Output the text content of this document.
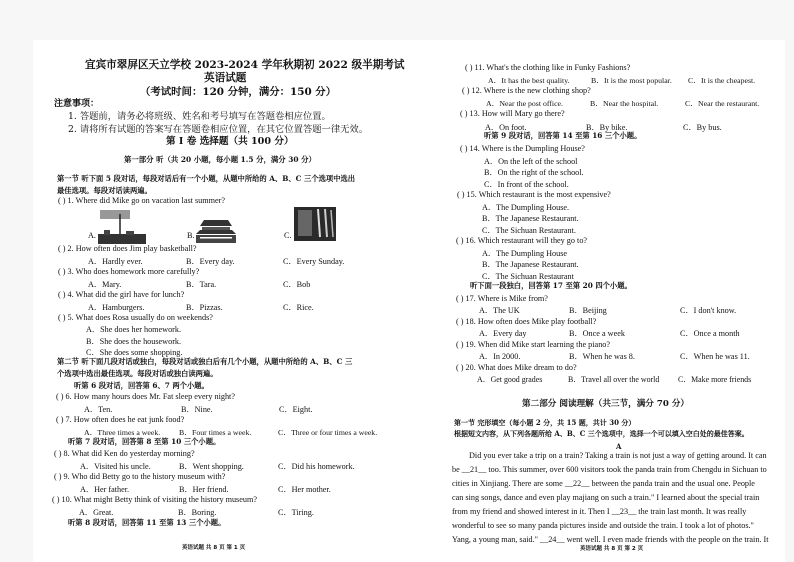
宜宾市翠屏区天立学校 2023-2024 学年秋期初 2022 级半期考试
英语试题
（考试时间：120 分钟，满分：150 分）
注意事项：
1. 答题前，请务必将班级、姓名和考号填写在答题卷相应位置。
2. 请将所有试题的答案写在答题卷相应位置，在其它位置答题一律无效。
第 I 卷 选择题（共 100 分）
第一部分 听（共 20 小题，每小题 1.5 分，满分 30 分）
第一节 听下面 5 段对话，每段对话后有一个小题，从题中所给的 A、B、C 三个选项中选出
最佳选项。每段对话读两遍。
( ) 1. Where did Mike go on vacation last summer?
A.	B.	C.
( ) 2. How often does Jim play basketball?
A．Hardly ever.	B．Every day.	C．Every Sunday.
( ) 3. Who does homework more carefully?
A．Mary.	B．Tara.	C．Bob
( ) 4. What did the girl have for lunch?
A．Hamburgers.	B．Pizzas.	C．Rice.
( ) 5. What does Rosa usually do on weekends?
A．She does her homework.
B．She does the housework.
C．She does some shopping.
第二节 听下面几段对话或独白，每段对话或独白后有几个小题，从题中所给的 A、B、C 三
个选项中选出最佳选项。每段对话或独白读两遍。
听第 6 段对话，回答第 6、7 两个小题。
( ) 6. How many hours does Mr. Fat sleep every night?
A．Ten.	B．Nine.	C．Eight.
( ) 7. How often does he eat junk food?
A．Three times a week. B．Four times a week.	C．Three or four times a week.
听第 7 段对话，回答第 8 至第 10 三个小题。
( ) 8. What did Ken do yesterday morning?
A．Visited his uncle.	B．Went shopping.	C．Did his homework.
( ) 9. Who did Betty go to the history museum with?
A．Her father.	B．Her friend.	C．Her mother.
( ) 10. What might Betty think of visiting the history museum?
A．Great.	B．Boring.	C．Tiring.
听第 8 段对话，回答第 11 至第 13 三个小题。
英语试题 共 8 页 第 1 页
( ) 11. What's the clothing like in Funky Fashions?
A．It has the best quality.	B．It is the most popular. C．It is the cheapest.
( ) 12. Where is the new clothing shop?
A．Near the post office.	B．Near the hospital.	C．Near the restaurant.
( ) 13. How will Mary go there?
A．On foot.	B．By bike.	C．By bus.
听第 9 段对话，回答第 14 至第 16 三个小题。
( ) 14. Where is the Dumpling House?
A．On the left of the school
B．On the right of the school.
C．In front of the school.
( ) 15. Which restaurant is the most expensive?
A．The Dumpling House.
B．The Japanese Restaurant.
C．The Sichuan Restaurant.
( ) 16. Which restaurant will they go to?
A．The Dumpling House
B．The Japanese Restaurant.
C．The Sichuan Restaurant
听下面一段独白，回答第 17 至第 20 四个小题。
( ) 17. Where is Mike from?
A．The UK	B．Beijing	C．I don't know.
( ) 18. How often does Mike play football?
A．Every day	B．Once a week	C．Once a month
( ) 19. When did Mike start learning the piano?
A．In 2000.	B．When he was 8.	C．When he was 11.
( ) 20. What does Mike dream to do?
A．Get good grades	B．Travel all over the world C．Make more friends
第二部分 阅读理解（共三节，满分 70 分）
第一节 完形填空（每小题 2 分，共 15 题，共计 30 分）
根据短文内容，从下列各题所给 A、B、C 三个选项中，选择一个可以填入空白处的最佳答案。
A
Did you ever take a trip on a train? Taking a train is not just a way of getting around. It can
be __21__ too. This summer, over 600 visitors took the panda train from Chengdu in Sichuan to
cities in Xinjiang. There are some __22__ between the panda train and the usual one. People
can sing songs, dance and even play majiang on such a train." I learned about the special train
from my friend and showed interest in it. Then I __23__ the train last month. It was really
wonderful to see so many panda pictures inside and outside the train. I took a lot of photos."
Yang, a young man, said." __24__ went well. I even made friends with the people on the train. It
英语试题 共 8 页 第 2 页
